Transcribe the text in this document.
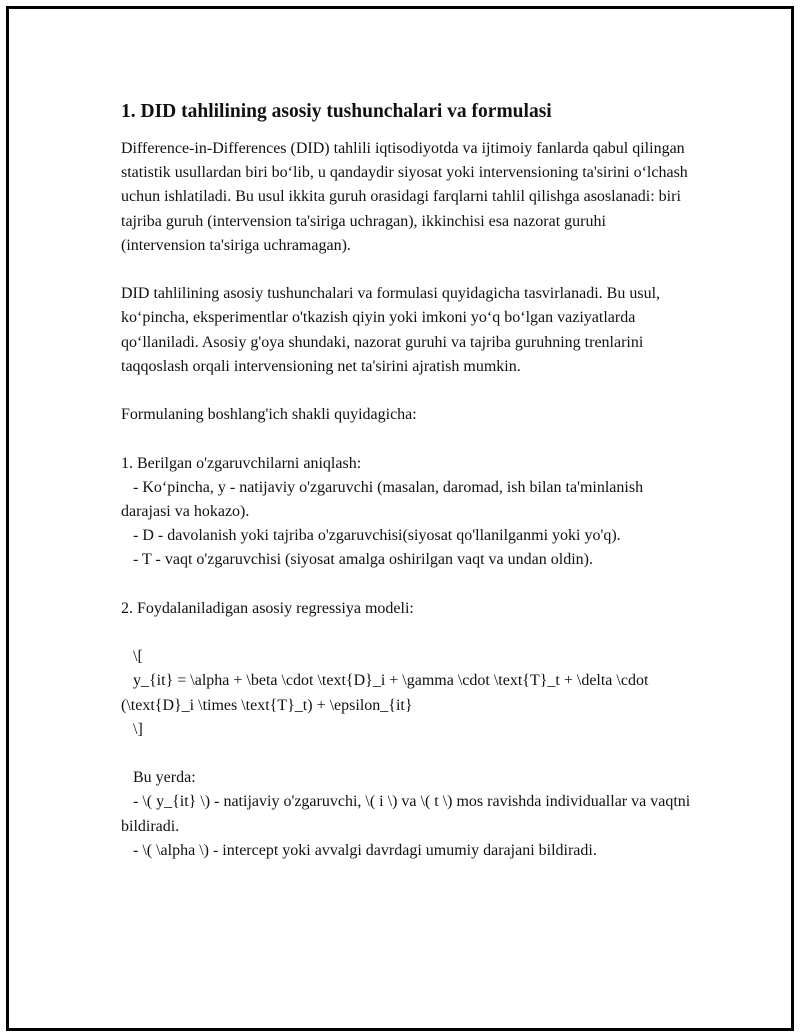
1. DID tahlilining asosiy tushunchalari va formulasi

Difference-in-Differences (DID) tahlili iqtisodiyotda va ijtimoiy fanlarda qabul qilingan statistik usullardan biri boʻlib, u qandaydir siyosat yoki intervensioning ta'sirini oʻlchash uchun ishlatiladi. Bu usul ikkita guruh orasidagi farqlarni tahlil qilishga asoslanadi: biri tajriba guruh (intervension ta'siriga uchragan), ikkinchisi esa nazorat guruhi (intervension ta'siriga uchramagan).

DID tahlilining asosiy tushunchalari va formulasi quyidagicha tasvirlanadi. Bu usul, koʻpincha, eksperimentlar o'tkazish qiyin yoki imkoni yoʻq boʻlgan vaziyatlarda qoʻllaniladi. Asosiy g'oya shundaki, nazorat guruhi va tajriba guruhning trenlarini taqqoslash orqali intervensioning net ta'sirini ajratish mumkin.

Formulaning boshlang'ich shakli quyidagicha:

1. Berilgan o'zgaruvchilarni aniqlash:
- Koʻpincha, y - natijaviy o'zgaruvchi (masalan, daromad, ish bilan ta'minlanish darajasi va hokazo).
- D - davolanish yoki tajriba o'zgaruvchisi(siyosat qo'llanilganmi yoki yo'q).
- T - vaqt o'zgaruvchisi (siyosat amalga oshirilgan vaqt va undan oldin).

2. Foydalaniladigan asosiy regressiya modeli:

\[
y_{it} = \alpha + \beta \cdot \text{D}_i + \gamma \cdot \text{T}_t + \delta \cdot (\text{D}_i \times \text{T}_t) + \epsilon_{it}
\]

Bu yerda:
- \( y_{it} \) - natijaviy o'zgaruvchi, \( i \) va \( t \) mos ravishda individuallar va vaqtni bildiradi.
- \( \alpha \) - intercept yoki avvalgi davrdagi umumiy darajani bildiradi.
